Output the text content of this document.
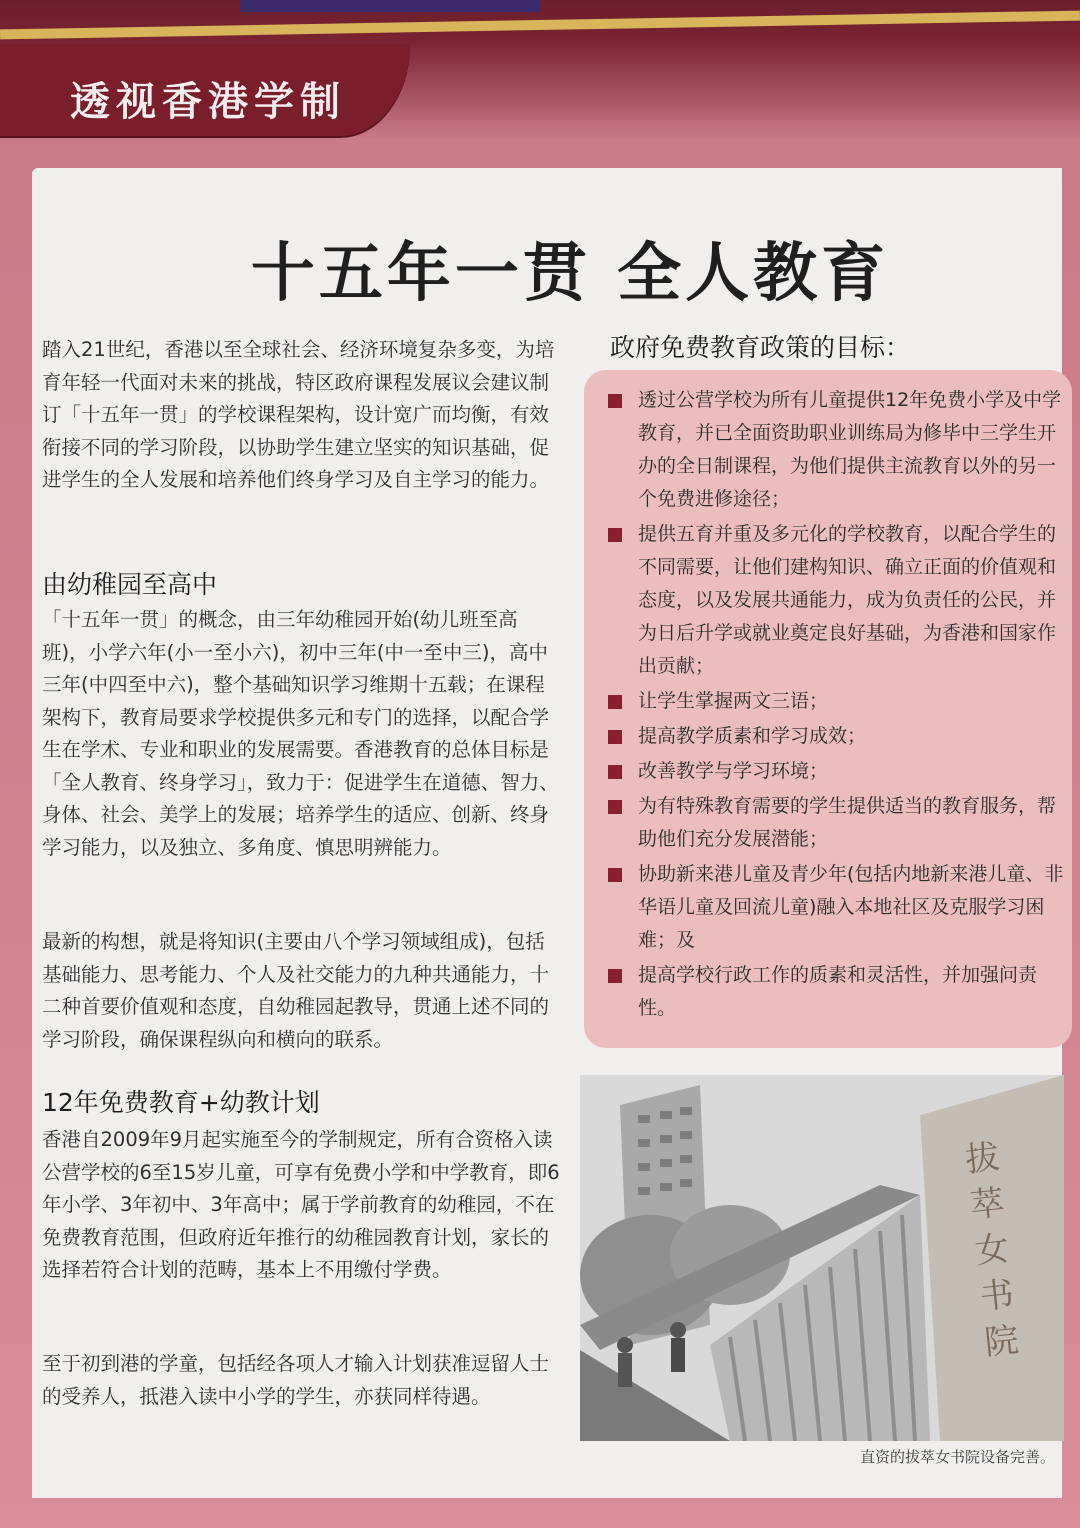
透视香港学制
十五年一贯 全人教育
踏入21世纪，香港以至全球社会、经济环境复杂多变，为培育年轻一代面对未来的挑战，特区政府课程发展议会建议制订「十五年一贯」的学校课程架构，设计宽广而均衡，有效衔接不同的学习阶段，以协助学生建立坚实的知识基础，促进学生的全人发展和培养他们终身学习及自主学习的能力。
由幼稚园至高中
「十五年一贯」的概念，由三年幼稚园开始(幼儿班至高班)，小学六年(小一至小六)，初中三年(中一至中三)，高中三年(中四至中六)，整个基础知识学习维期十五载；在课程架构下，教育局要求学校提供多元和专门的选择，以配合学生在学术、专业和职业的发展需要。香港教育的总体目标是「全人教育、终身学习」，致力于：促进学生在道德、智力、身体、社会、美学上的发展；培养学生的适应、创新、终身学习能力，以及独立、多角度、慎思明辨能力。
最新的构想，就是将知识(主要由八个学习领域组成)，包括基础能力、思考能力、个人及社交能力的九种共通能力，十二种首要价值观和态度，自幼稚园起教导，贯通上述不同的学习阶段，确保课程纵向和横向的联系。
12年免费教育+幼教计划
香港自2009年9月起实施至今的学制规定，所有合资格入读公营学校的6至15岁儿童，可享有免费小学和中学教育，即6年小学、3年初中、3年高中；属于学前教育的幼稚园，不在免费教育范围，但政府近年推行的幼稚园教育计划，家长的选择若符合计划的范畴，基本上不用缴付学费。
至于初到港的学童，包括经各项人才输入计划获准逗留人士的受养人，抵港入读中小学的学生，亦获同样待遇。
政府免费教育政策的目标：
透过公营学校为所有儿童提供12年免费小学及中学教育，并已全面资助职业训练局为修毕中三学生开办的全日制课程，为他们提供主流教育以外的另一个免费进修途径；
提供五育并重及多元化的学校教育，以配合学生的不同需要，让他们建构知识、确立正面的价值观和态度，以及发展共通能力，成为负责任的公民，并为日后升学或就业奠定良好基础，为香港和国家作出贡献；
让学生掌握两文三语；
提高教学质素和学习成效；
改善教学与学习环境；
为有特殊教育需要的学生提供适当的教育服务，帮助他们充分发展潜能；
协助新来港儿童及青少年(包括内地新来港儿童、非华语儿童及回流儿童)融入本地社区及克服学习困难；及
提高学校行政工作的质素和灵活性，并加强问责性。
拔萃女书院
直资的拔萃女书院设备完善。
